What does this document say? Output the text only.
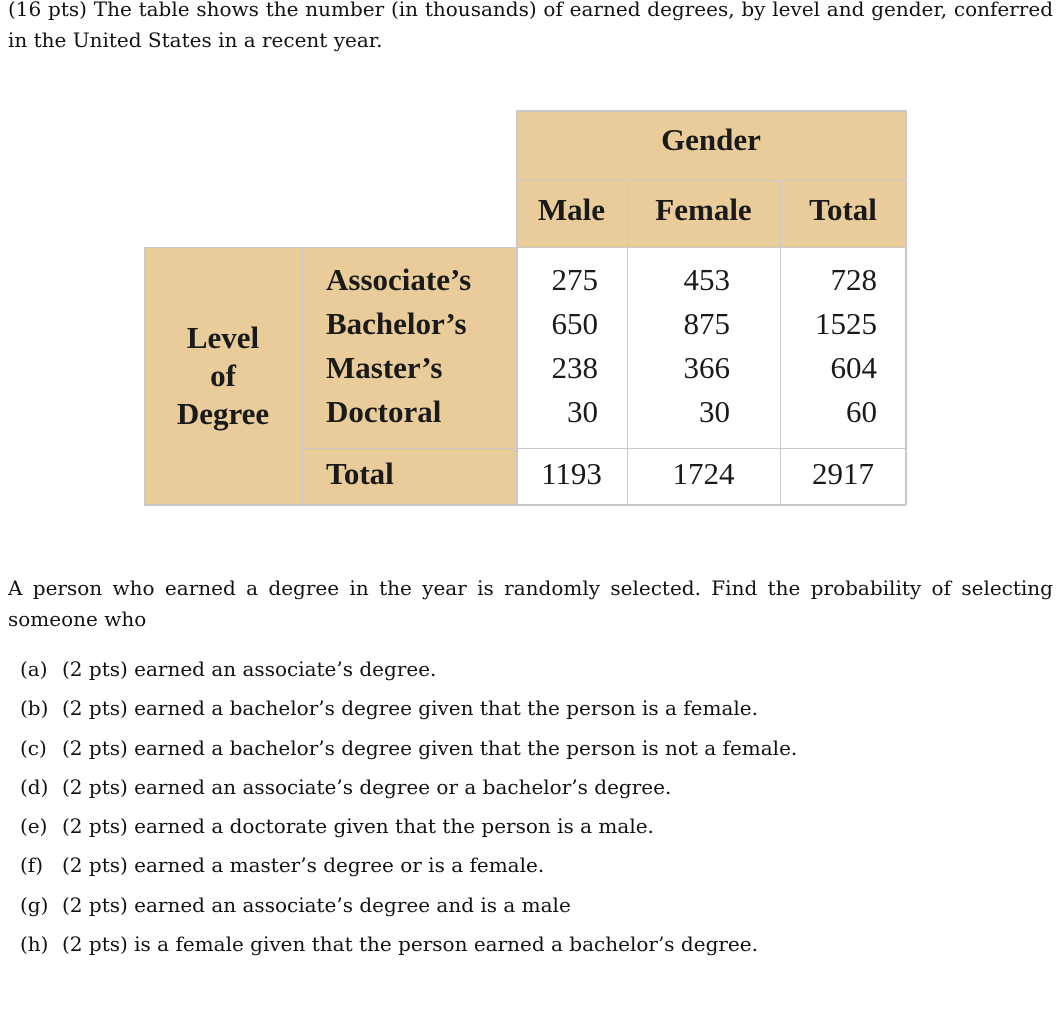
(16 pts) The table shows the number (in thousands) of earned degrees, by level and gender, conferred in the United States in a recent year.

Gender
Male	Female	Total
Level
of
Degree
Associate’s
Bachelor’s
Master’s
Doctoral
Total
275
650
238
30
1193
453
875
366
30
1724
728
1525
604
60
2917

A person who earned a degree in the year is randomly selected. Find the probability of selecting someone who

(a) (2 pts) earned an associate’s degree.
(b) (2 pts) earned a bachelor’s degree given that the person is a female.
(c) (2 pts) earned a bachelor’s degree given that the person is not a female.
(d) (2 pts) earned an associate’s degree or a bachelor’s degree.
(e) (2 pts) earned a doctorate given that the person is a male.
(f) (2 pts) earned a master’s degree or is a female.
(g) (2 pts) earned an associate’s degree and is a male
(h) (2 pts) is a female given that the person earned a bachelor’s degree.
